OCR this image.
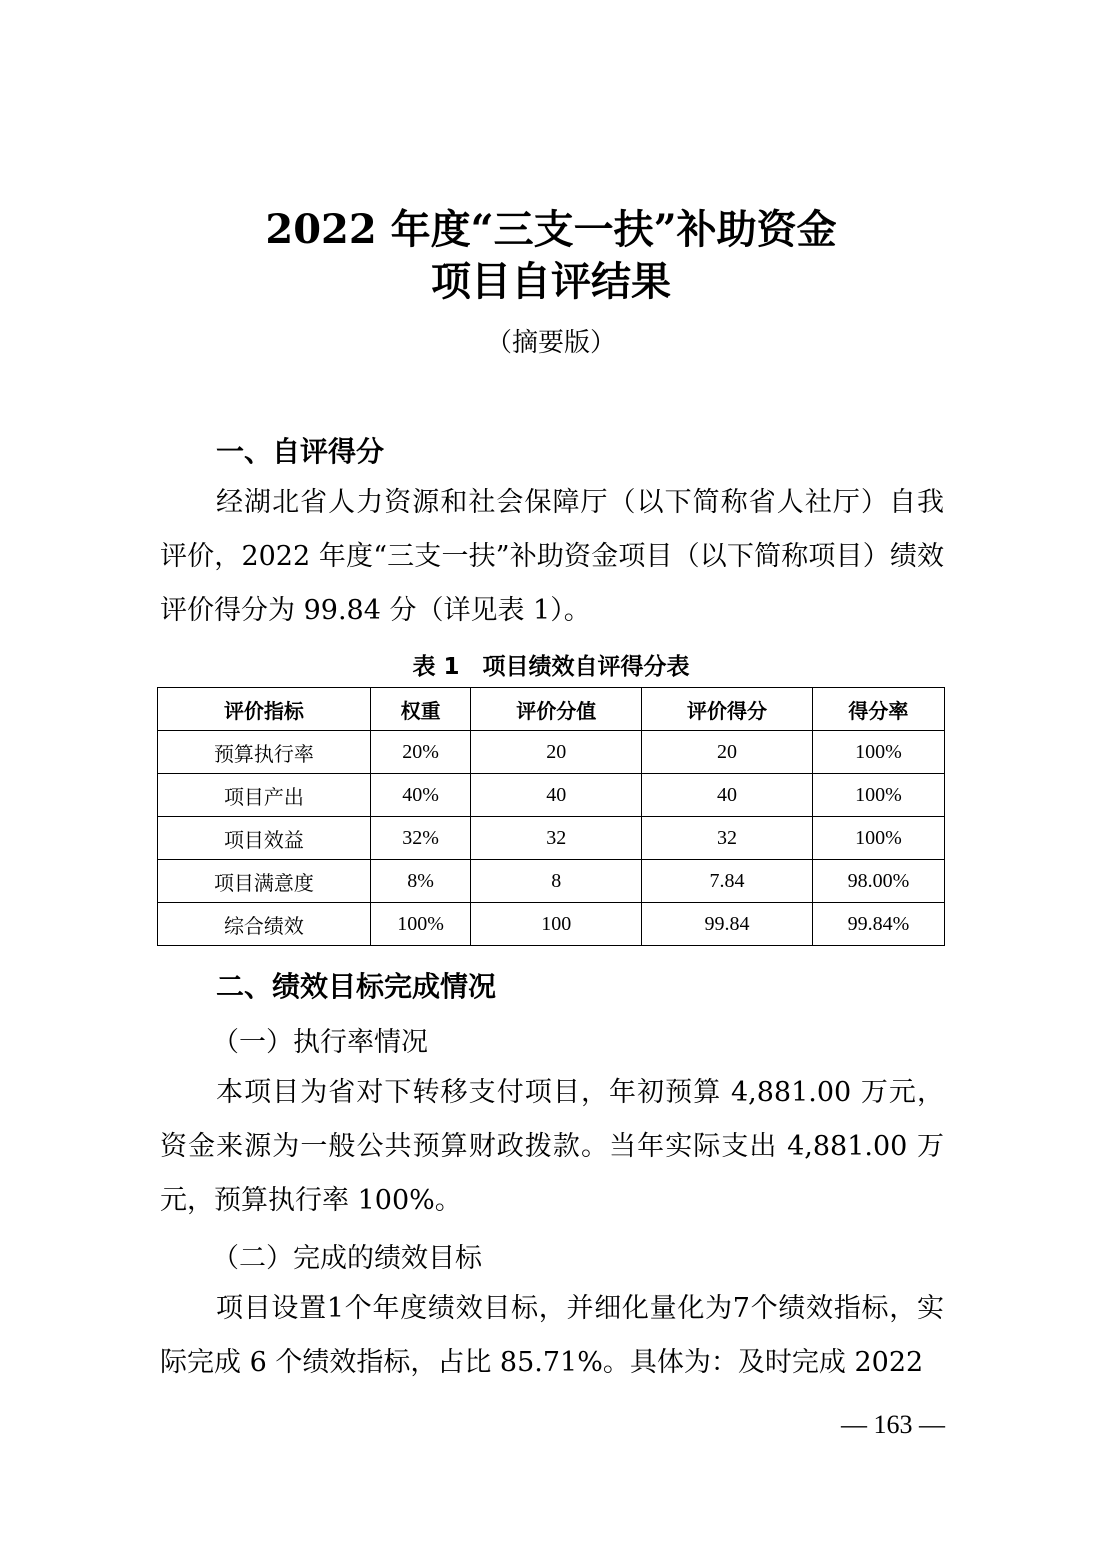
2022 年度“三支一扶”补助资金
项目自评结果
（摘要版）
一、自评得分
经湖北省人力资源和社会保障厅（以下简称省人社厅）自我评价，2022 年度“三支一扶”补助资金项目（以下简称项目）绩效评价得分为 99.84 分（详见表 1）。
表 1　项目绩效自评得分表
评价指标	权重	评价分值	评价得分	得分率
预算执行率	20%	20	20	100%
项目产出	40%	40	40	100%
项目效益	32%	32	32	100%
项目满意度	8%	8	7.84	98.00%
综合绩效	100%	100	99.84	99.84%
二、绩效目标完成情况
（一）执行率情况
本项目为省对下转移支付项目，年初预算 4,881.00 万元，资金来源为一般公共预算财政拨款。当年实际支出 4,881.00 万元，预算执行率 100%。
（二）完成的绩效目标
项目设置1个年度绩效目标，并细化量化为7个绩效指标，实际完成 6 个绩效指标，占比 85.71%。具体为：及时完成 2022
— 163 —
